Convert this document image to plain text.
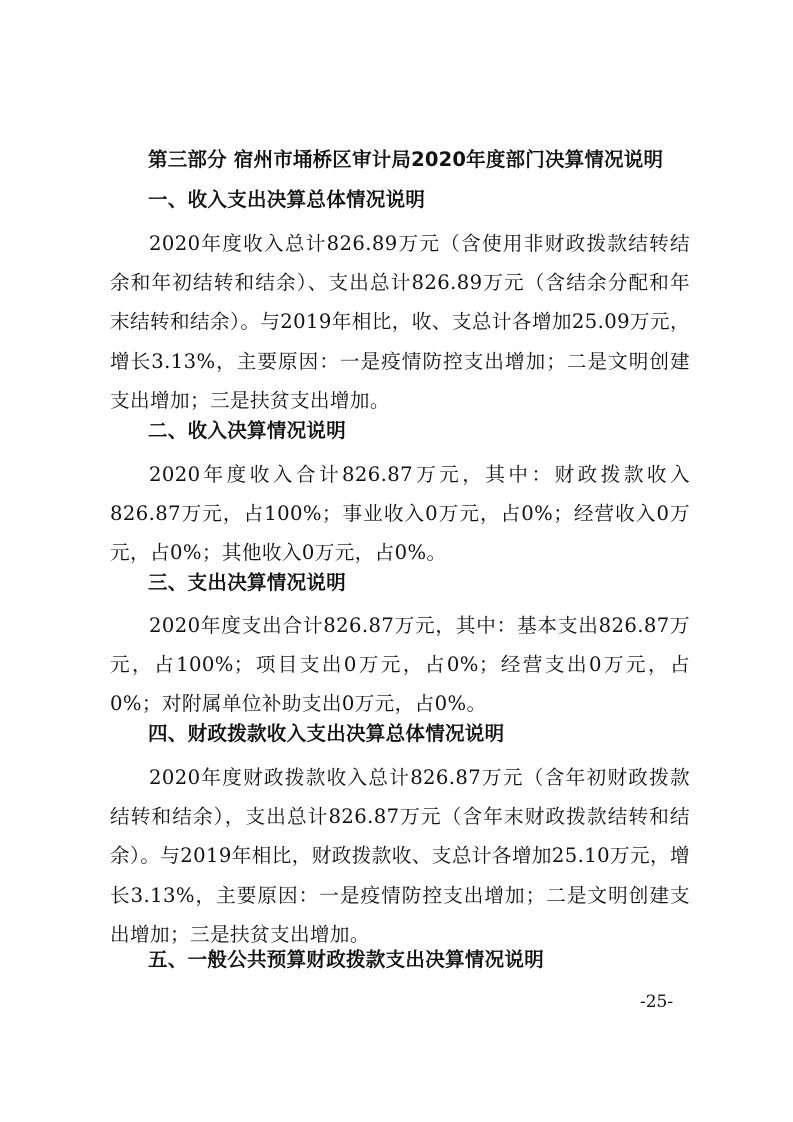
第三部分 宿州市埇桥区审计局2020年度部门决算情况说明
一、收入支出决算总体情况说明

2020年度收入总计826.89万元（含使用非财政拨款结转结余和年初结转和结余）、支出总计826.89万元（含结余分配和年末结转和结余）。与2019年相比，收、支总计各增加25.09万元，增长3.13%，主要原因：一是疫情防控支出增加；二是文明创建支出增加；三是扶贫支出增加。

二、收入决算情况说明

2020年度收入合计826.87万元，其中：财政拨款收入826.87万元，占100%；事业收入0万元，占0%；经营收入0万元，占0%；其他收入0万元，占0%。

三、支出决算情况说明

2020年度支出合计826.87万元，其中：基本支出826.87万元，占100%；项目支出0万元，占0%；经营支出0万元，占0%；对附属单位补助支出0万元，占0%。

四、财政拨款收入支出决算总体情况说明

2020年度财政拨款收入总计826.87万元（含年初财政拨款结转和结余），支出总计826.87万元（含年末财政拨款结转和结余）。与2019年相比，财政拨款收、支总计各增加25.10万元，增长3.13%，主要原因：一是疫情防控支出增加；二是文明创建支出增加；三是扶贫支出增加。

五、一般公共预算财政拨款支出决算情况说明
-25-
